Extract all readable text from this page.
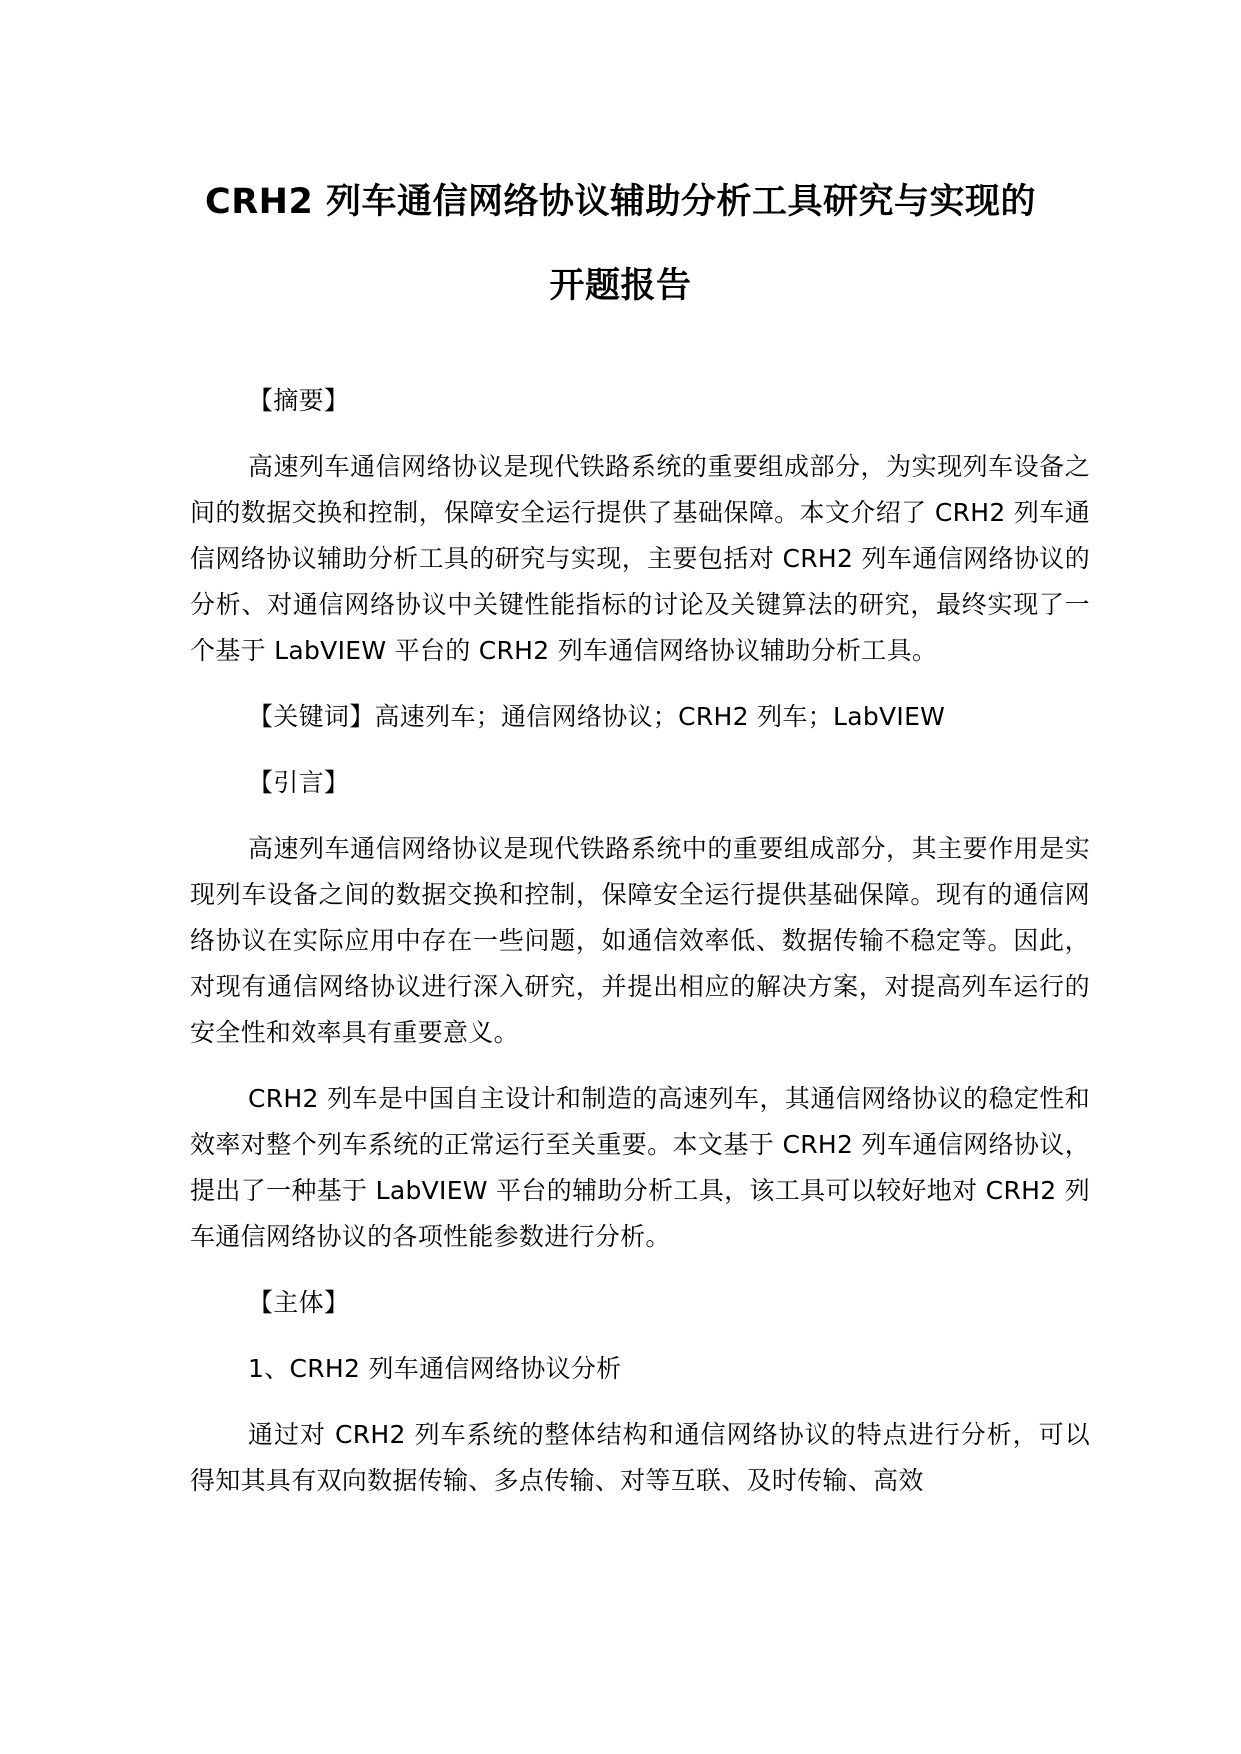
CRH2 列车通信网络协议辅助分析工具研究与实现的
开题报告

【摘要】

高速列车通信网络协议是现代铁路系统的重要组成部分，为实现列车设备之间的数据交换和控制，保障安全运行提供了基础保障。本文介绍了 CRH2 列车通信网络协议辅助分析工具的研究与实现，主要包括对 CRH2 列车通信网络协议的分析、对通信网络协议中关键性能指标的讨论及关键算法的研究，最终实现了一个基于 LabVIEW 平台的 CRH2 列车通信网络协议辅助分析工具。

【关键词】高速列车；通信网络协议；CRH2 列车；LabVIEW

【引言】

高速列车通信网络协议是现代铁路系统中的重要组成部分，其主要作用是实现列车设备之间的数据交换和控制，保障安全运行提供基础保障。现有的通信网络协议在实际应用中存在一些问题，如通信效率低、数据传输不稳定等。因此，对现有通信网络协议进行深入研究，并提出相应的解决方案，对提高列车运行的安全性和效率具有重要意义。

CRH2 列车是中国自主设计和制造的高速列车，其通信网络协议的稳定性和效率对整个列车系统的正常运行至关重要。本文基于 CRH2 列车通信网络协议，提出了一种基于 LabVIEW 平台的辅助分析工具，该工具可以较好地对 CRH2 列车通信网络协议的各项性能参数进行分析。

【主体】

1、CRH2 列车通信网络协议分析

通过对 CRH2 列车系统的整体结构和通信网络协议的特点进行分析，可以得知其具有双向数据传输、多点传输、对等互联、及时传输、高效
